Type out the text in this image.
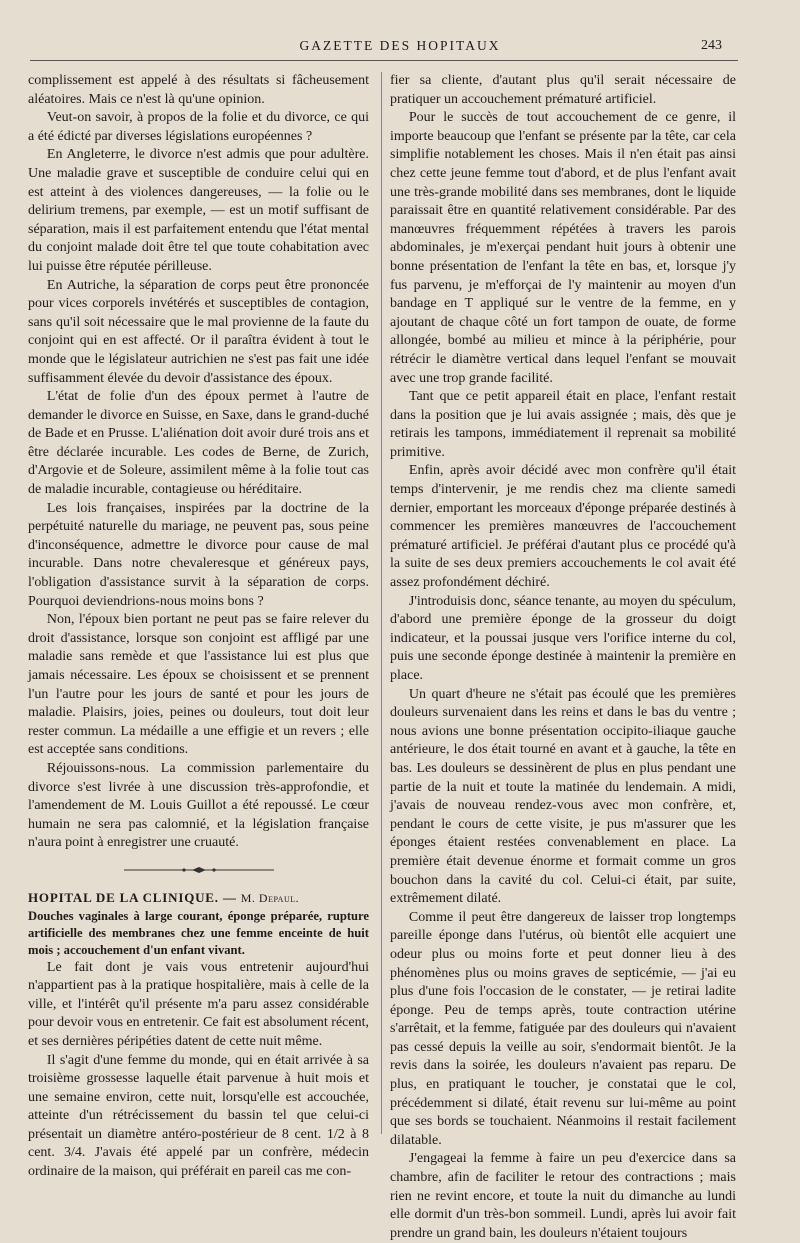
GAZETTE DES HOPITAUX	243

complissement est appelé à des résultats si fâcheusement aléatoires. Mais ce n'est là qu'une opinion.

Veut-on savoir, à propos de la folie et du divorce, ce qui a été édicté par diverses législations européennes ?

En Angleterre, le divorce n'est admis que pour adultère. Une maladie grave et susceptible de conduire celui qui en est atteint à des violences dangereuses, — la folie ou le delirium tremens, par exemple, — est un motif suffisant de séparation, mais il est parfaitement entendu que l'état mental du conjoint malade doit être tel que toute cohabitation avec lui puisse être réputée périlleuse.

En Autriche, la séparation de corps peut être prononcée pour vices corporels invétérés et susceptibles de contagion, sans qu'il soit nécessaire que le mal provienne de la faute du conjoint qui en est affecté. Or il paraîtra évident à tout le monde que le législateur autrichien ne s'est pas fait une idée suffisamment élevée du devoir d'assistance des époux.

L'état de folie d'un des époux permet à l'autre de demander le divorce en Suisse, en Saxe, dans le grand-duché de Bade et en Prusse. L'aliénation doit avoir duré trois ans et être déclarée incurable. Les codes de Berne, de Zurich, d'Argovie et de Soleure, assimilent même à la folie tout cas de maladie incurable, contagieuse ou héréditaire.

Les lois françaises, inspirées par la doctrine de la perpétuité naturelle du mariage, ne peuvent pas, sous peine d'inconséquence, admettre le divorce pour cause de mal incurable. Dans notre chevaleresque et généreux pays, l'obligation d'assistance survit à la séparation de corps. Pourquoi deviendrions-nous moins bons ?

Non, l'époux bien portant ne peut pas se faire relever du droit d'assistance, lorsque son conjoint est affligé par une maladie sans remède et que l'assistance lui est plus que jamais nécessaire. Les époux se choisissent et se prennent l'un l'autre pour les jours de santé et pour les jours de maladie. Plaisirs, joies, peines ou douleurs, tout doit leur rester commun. La médaille a une effigie et un revers ; elle est acceptée sans conditions.

Réjouissons-nous. La commission parlementaire du divorce s'est livrée à une discussion très-approfondie, et l'amendement de M. Louis Guillot a été repoussé. Le cœur humain ne sera pas calomnié, et la législation française n'aura point à enregistrer une cruauté.

HOPITAL DE LA CLINIQUE. — M. Depaul.

Douches vaginales à large courant, éponge préparée, rupture artificielle des membranes chez une femme enceinte de huit mois ; accouchement d'un enfant vivant.

Le fait dont je vais vous entretenir aujourd'hui n'appartient pas à la pratique hospitalière, mais à celle de la ville, et l'intérêt qu'il présente m'a paru assez considérable pour devoir vous en entretenir. Ce fait est absolument récent, et ses dernières péripéties datent de cette nuit même.

Il s'agit d'une femme du monde, qui en était arrivée à sa troisième grossesse laquelle était parvenue à huit mois et une semaine environ, cette nuit, lorsqu'elle est accouchée, atteinte d'un rétrécissement du bassin tel que celui-ci présentait un diamètre antéro-postérieur de 8 cent. 1/2 à 8 cent. 3/4. J'avais été appelé par un confrère, médecin ordinaire de la maison, qui préférait en pareil cas me con-

fier sa cliente, d'autant plus qu'il serait nécessaire de pratiquer un accouchement prématuré artificiel.

Pour le succès de tout accouchement de ce genre, il importe beaucoup que l'enfant se présente par la tête, car cela simplifie notablement les choses. Mais il n'en était pas ainsi chez cette jeune femme tout d'abord, et de plus l'enfant avait une très-grande mobilité dans ses membranes, dont le liquide paraissait être en quantité relativement considérable. Par des manœuvres fréquemment répétées à travers les parois abdominales, je m'exerçai pendant huit jours à obtenir une bonne présentation de l'enfant la tête en bas, et, lorsque j'y fus parvenu, je m'efforçai de l'y maintenir au moyen d'un bandage en T appliqué sur le ventre de la femme, en y ajoutant de chaque côté un fort tampon de ouate, de forme allongée, bombé au milieu et mince à la périphérie, pour rétrécir le diamètre vertical dans lequel l'enfant se mouvait avec une trop grande facilité.

Tant que ce petit appareil était en place, l'enfant restait dans la position que je lui avais assignée ; mais, dès que je retirais les tampons, immédiatement il reprenait sa mobilité primitive.

Enfin, après avoir décidé avec mon confrère qu'il était temps d'intervenir, je me rendis chez ma cliente samedi dernier, emportant les morceaux d'éponge préparée destinés à commencer les premières manœuvres de l'accouchement prématuré artificiel. Je préférai d'autant plus ce procédé qu'à la suite de ses deux premiers accouchements le col avait été assez profondément déchiré.

J'introduisis donc, séance tenante, au moyen du spéculum, d'abord une première éponge de la grosseur du doigt indicateur, et la poussai jusque vers l'orifice interne du col, puis une seconde éponge destinée à maintenir la première en place.

Un quart d'heure ne s'était pas écoulé que les premières douleurs survenaient dans les reins et dans le bas du ventre ; nous avions une bonne présentation occipito-iliaque gauche antérieure, le dos était tourné en avant et à gauche, la tête en bas. Les douleurs se dessinèrent de plus en plus pendant une partie de la nuit et toute la matinée du lendemain. A midi, j'avais de nouveau rendez-vous avec mon confrère, et, pendant le cours de cette visite, je pus m'assurer que les éponges étaient restées convenablement en place. La première était devenue énorme et formait comme un gros bouchon dans la cavité du col. Celui-ci était, par suite, extrêmement dilaté.

Comme il peut être dangereux de laisser trop longtemps pareille éponge dans l'utérus, où bientôt elle acquiert une odeur plus ou moins forte et peut donner lieu à des phénomènes plus ou moins graves de septicémie, — j'ai eu plus d'une fois l'occasion de le constater, — je retirai ladite éponge. Peu de temps après, toute contraction utérine s'arrêtait, et la femme, fatiguée par des douleurs qui n'avaient pas cessé depuis la veille au soir, s'endormait bientôt. Je la revis dans la soirée, les douleurs n'avaient pas reparu. De plus, en pratiquant le toucher, je constatai que le col, précédemment si dilaté, était revenu sur lui-même au point que ses bords se touchaient. Néanmoins il restait facilement dilatable.

J'engageai la femme à faire un peu d'exercice dans sa chambre, afin de faciliter le retour des contractions ; mais rien ne revint encore, et toute la nuit du dimanche au lundi elle dormit d'un très-bon sommeil. Lundi, après lui avoir fait prendre un grand bain, les douleurs n'étaient toujours
